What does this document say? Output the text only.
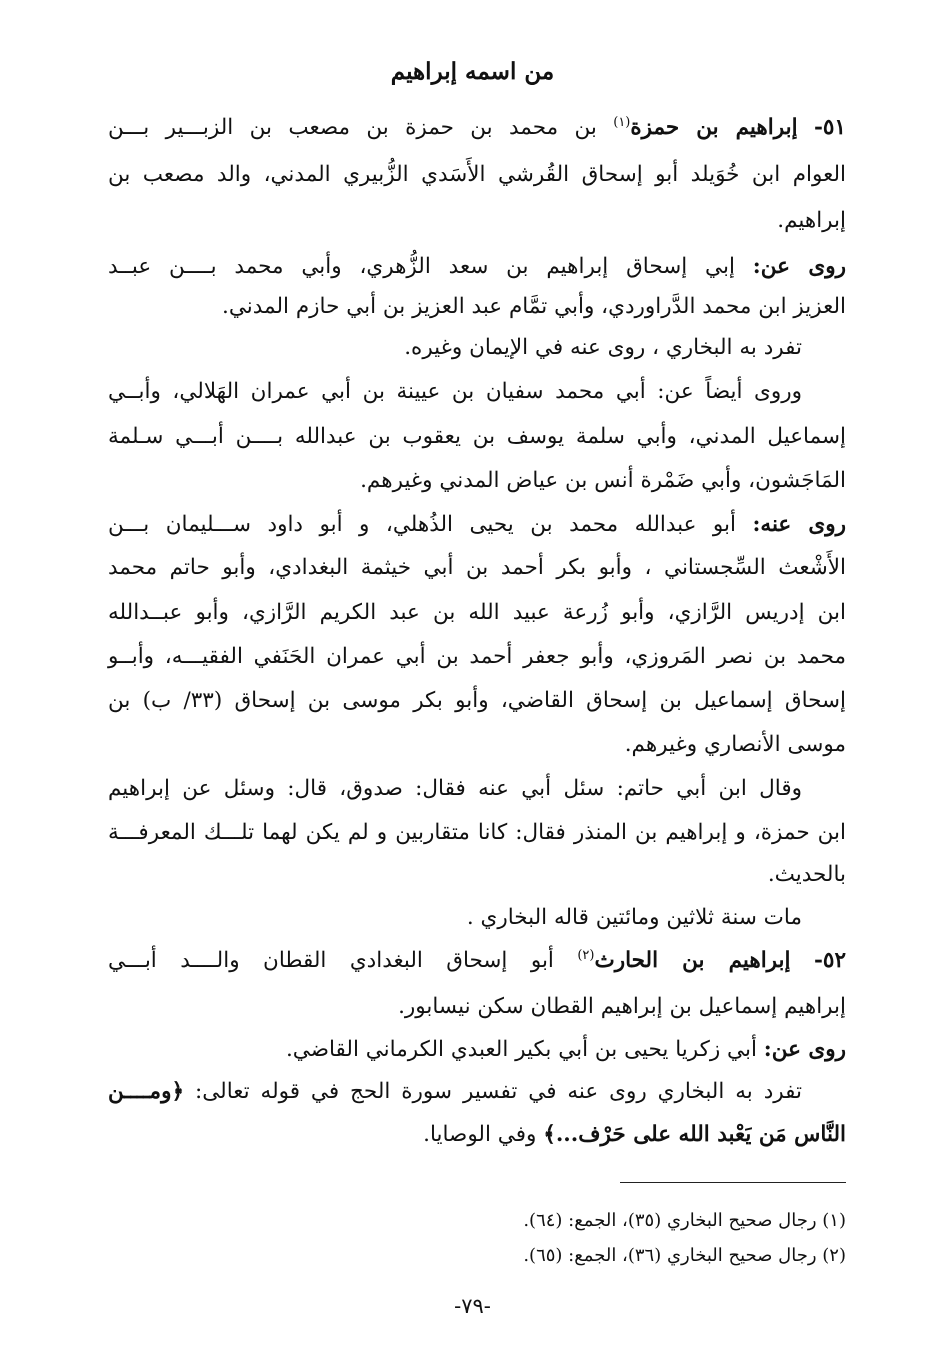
من اسمه إبراهيم
٥١- إبراهيم بن حمزة$^{(١)}$ بن محمد بن حمزة بن مصعب بن الزبـــير بـــن
العوام ابن خُوَيلد أبو إسحاق القُرشي الأَسَدي الزُّبيري المدني، والد مصعب بن
إبراهيم.
روى عن: إبي إسحاق إبراهيم بن سعد الزُّهري، وأبي محمد بــــن عبــد
العزيز ابن محمد الدَّراوردي، وأبي تمَّام عبد العزيز بن أبي حازم المدني.
تفرد به البخاري ، روى عنه في الإيمان وغيره.
وروى أيضاً عن: أبي محمد سفيان بن عيينة بن أبي عمران الهَلالي، وأبــي
إسماعيل المدني، وأبي سلمة يوسف بن يعقوب بن عبدالله بــــن أبـــي سـلمة
المَاجَشون، وأبي ضَمْرة أنس بن عياض المدني وغيرهم.
روى عنه: أبو عبدالله محمد بن يحيى الذُهلي، و أبو داود ســـليمان بـــن
الأَشْعث السِّجستاني ، وأبو بكر أحمد بن أبي خيثمة البغدادي، وأبو حاتم محمد
ابن إدريس الرَّازي، وأبو زُرعة عبيد الله بن عبد الكريم الرَّازي، وأبو عبــدالله
محمد بن نصر المَروزي، وأبو جعفر أحمد بن أبي عمران الحَنَفي الفقيـــه، وأبــو
إسحاق إسماعيل بن إسحاق القاضي، وأبو بكر موسى بن إسحاق (٣٣/ ب) بن
موسى الأنصاري وغيرهم.
وقال ابن أبي حاتم: سئل أبي عنه فقال: صدوق، قال: وسئل عن إبراهيم
ابن حمزة، و إبراهيم بن المنذر فقال: كانا متقاربين و لم يكن لهما تلـــك المعرفـــة
بالحديث.
مات سنة ثلاثين ومائتين قاله البخاري .
٥٢- إبراهيم بن الحارث$^{(٢)}$ أبو إسحاق البغدادي القطان والــــد أبـــي
إبراهيم إسماعيل بن إبراهيم القطان سكن نيسابور.
روى عن: أبي زكريا يحيى بن أبي بكير العبدي الكرماني القاضي.
تفرد به البخاري روى عنه في تفسير سورة الحج في قوله تعالى: ﴿ومــــن
النَّاس مَن يَعْبد الله على حَرْف...﴾ وفي الوصايا.
(١) رجال صحيح البخاري (٣٥)، الجمع: (٦٤).
(٢) رجال صحيح البخاري (٣٦)، الجمع: (٦٥).
-٧٩-
